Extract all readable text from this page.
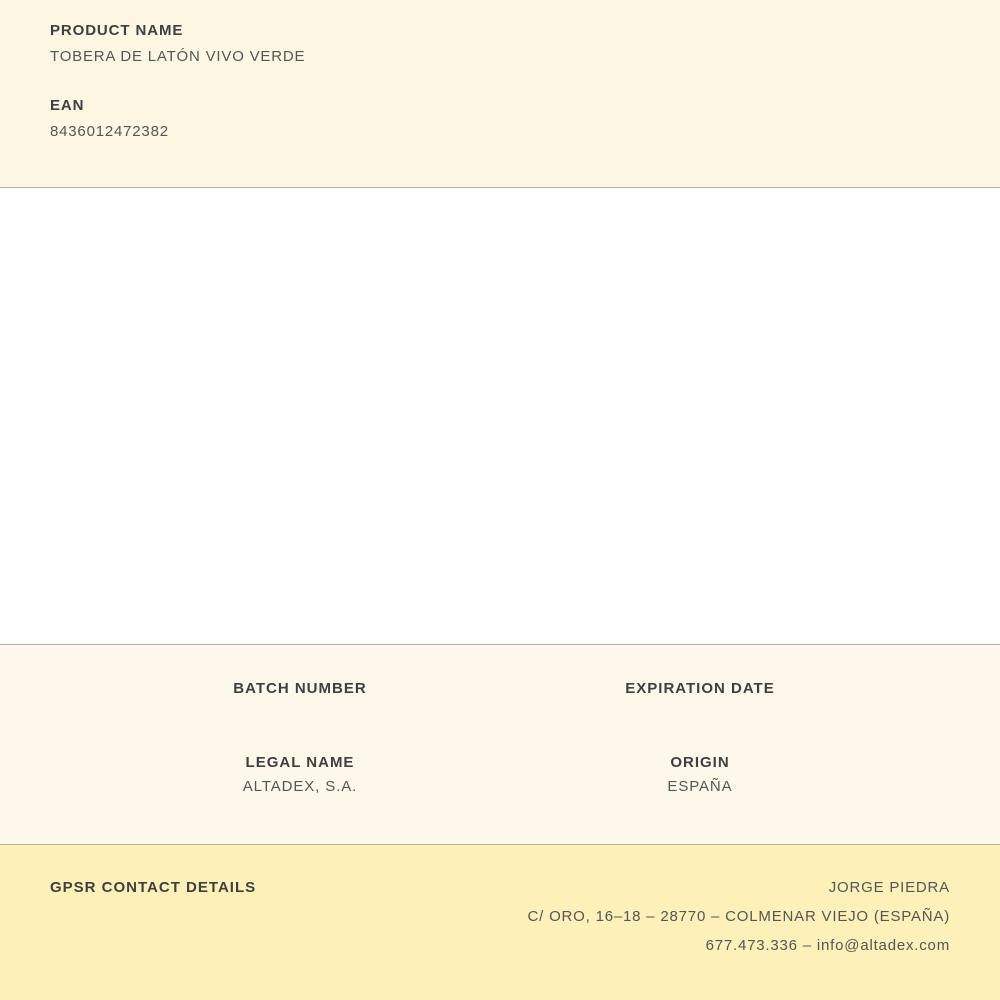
PRODUCT NAME

TOBERA DE LATÓN VIVO VERDE

EAN

8436012472382

BATCH NUMBER	EXPIRATION DATE

LEGAL NAME

ALTADEX, S.A.

ORIGIN

ESPAÑA

GPSR CONTACT DETAILS	JORGE PIEDRA

C/ ORO, 16–18 – 28770 – COLMENAR VIEJO (ESPAÑA)

677.473.336 – info@altadex.com
